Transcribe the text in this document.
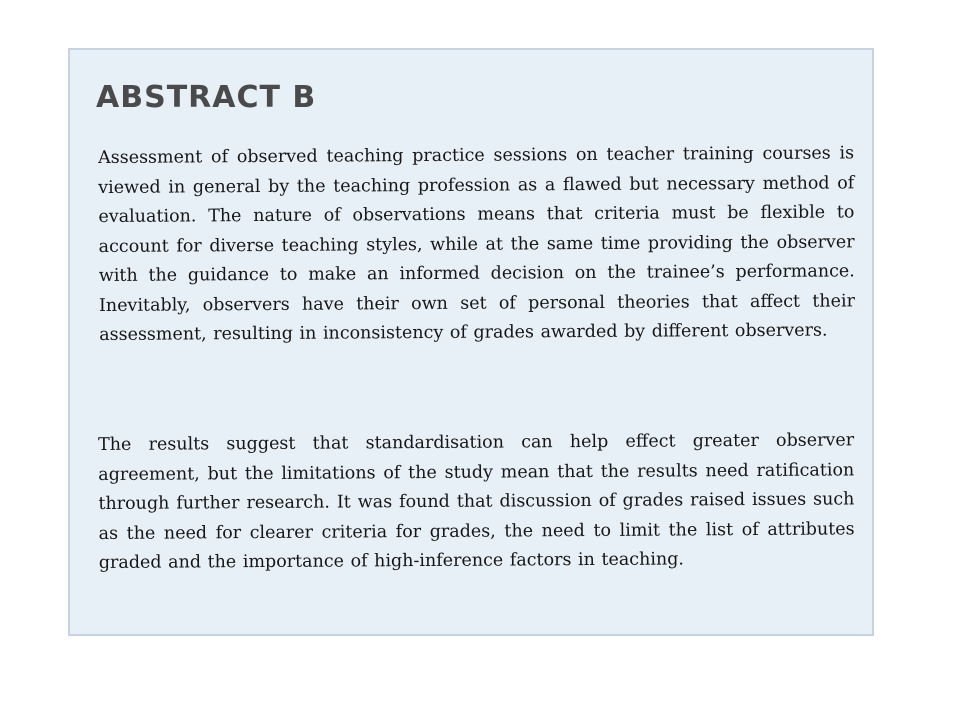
ABSTRACT B

Assessment of observed teaching practice sessions on teacher training courses is viewed in general by the teaching profession as a flawed but necessary method of evaluation. The nature of observations means that criteria must be flexible to account for diverse teaching styles, while at the same time providing the observer with the guidance to make an informed decision on the trainee’s performance. Inevitably, observers have their own set of personal theories that affect their assessment, resulting in inconsistency of grades awarded by different observers.

The results suggest that standardisation can help effect greater observer agreement, but the limitations of the study mean that the results need ratification through further research. It was found that discussion of grades raised issues such as the need for clearer criteria for grades, the need to limit the list of attributes graded and the importance of high-inference factors in teaching.
